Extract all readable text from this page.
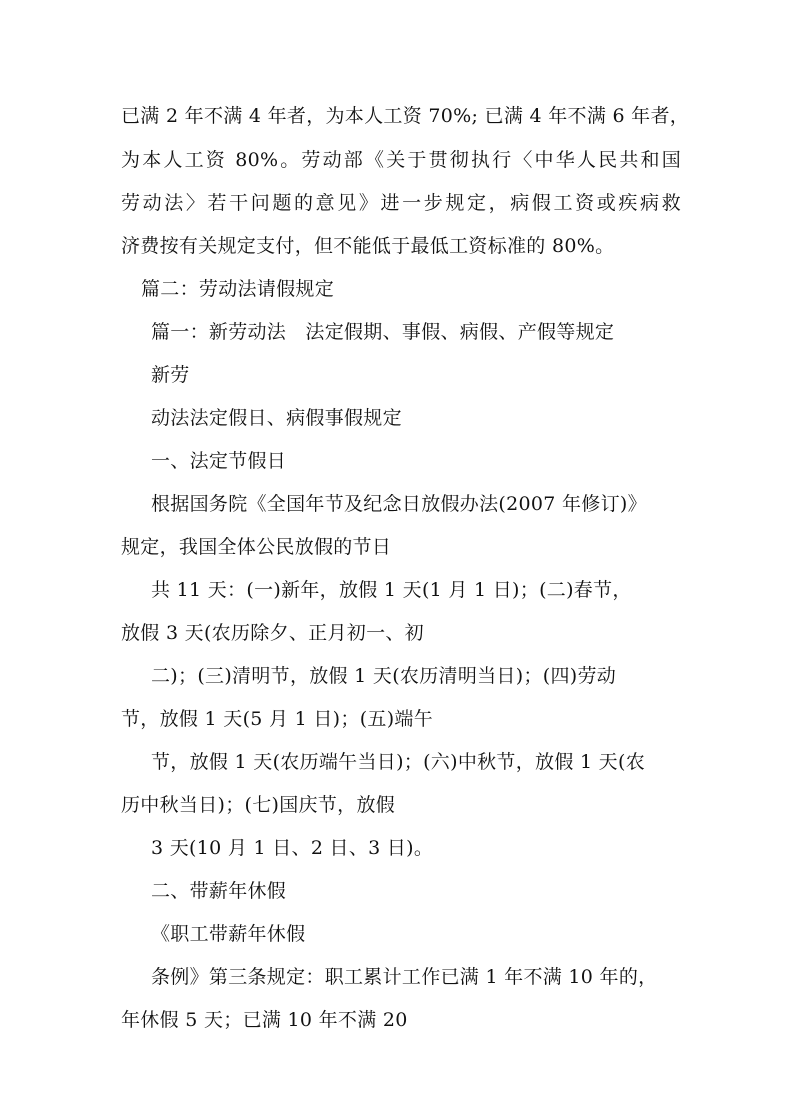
已满 2 年不满 4 年者，为本人工资 70%; 已满 4 年不满 6 年者，
为本人工资 80%。劳动部《关于贯彻执行〈中华人民共和国
劳动法〉若干问题的意见》进一步规定，病假工资或疾病救
济费按有关规定支付，但不能低于最低工资标准的 80%。
篇二：劳动法请假规定
篇一：新劳动法　法定假期、事假、病假、产假等规定
新劳
动法法定假日、病假事假规定
一、法定节假日
根据国务院《全国年节及纪念日放假办法(2007 年修订)》
规定，我国全体公民放假的节日
共 11 天：(一)新年，放假 1 天(1 月 1 日)；(二)春节，
放假 3 天(农历除夕、正月初一、初
二)；(三)清明节，放假 1 天(农历清明当日)；(四)劳动
节，放假 1 天(5 月 1 日)；(五)端午
节，放假 1 天(农历端午当日)；(六)中秋节，放假 1 天(农
历中秋当日)；(七)国庆节，放假
3 天(10 月 1 日、2 日、3 日)。
二、带薪年休假
《职工带薪年休假
条例》第三条规定：职工累计工作已满 1 年不满 10 年的，
年休假 5 天；已满 10 年不满 20
